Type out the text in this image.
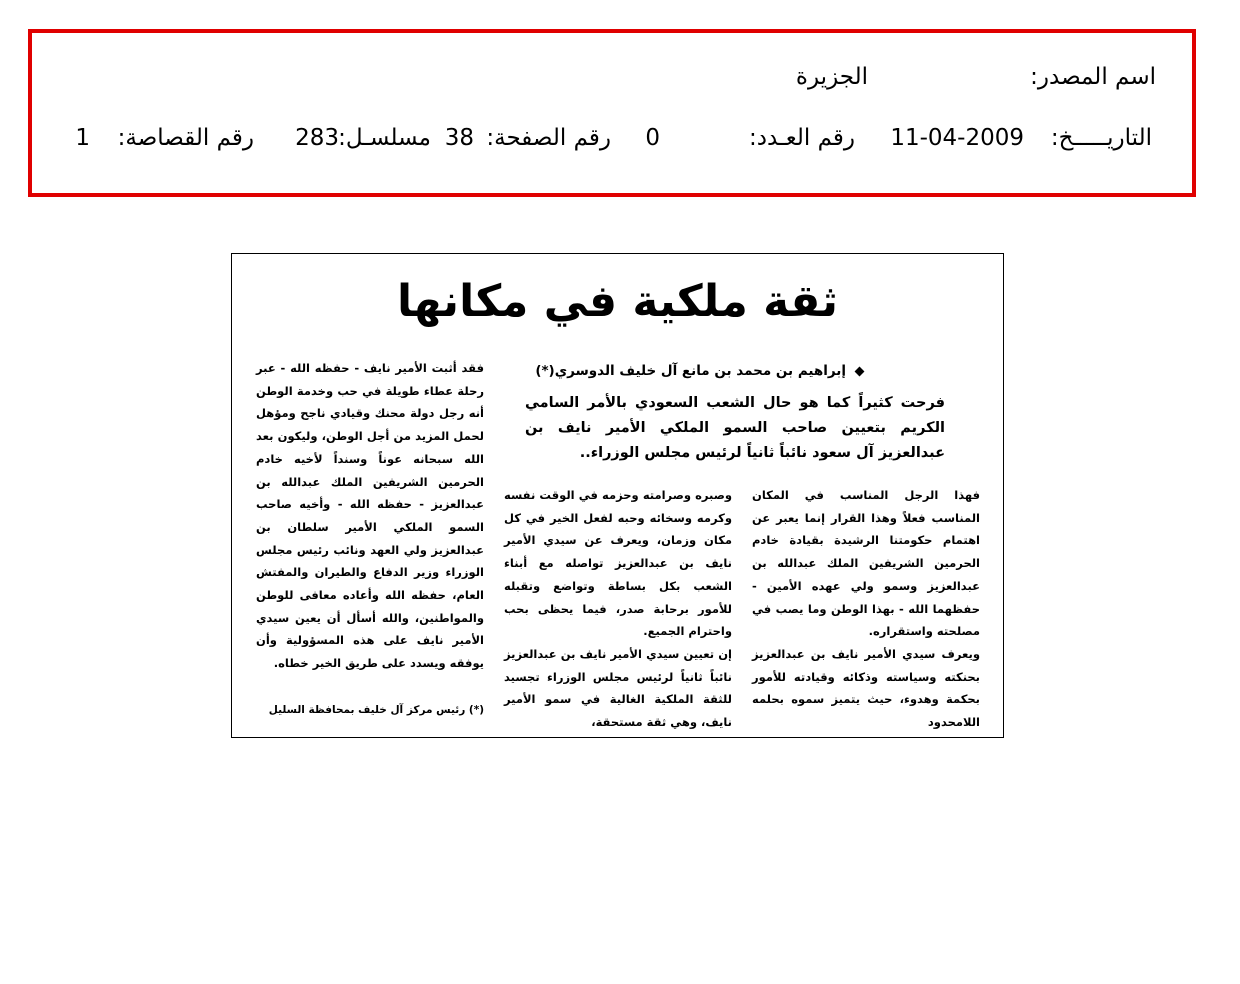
اسم المصدر:
الجزيرة
التاريـــــخ:
11-04-2009
رقم العـدد:
0
رقم الصفحة:
38
مسلسـل:
283
رقم القصاصة:
1
ثقة ملكية في مكانها
إبراهيم بن محمد بن مانع آل خليف الدوسري(*)
فرحت كثيراً كما هو حال الشعب السعودي بالأمر السامي الكريم بتعيين صاحب السمو الملكي الأمير نايف بن عبدالعزيز آل سعود نائباً ثانياً لرئيس مجلس الوزراء..

فهذا الرجل المناسب في المكان المناسب فعلاً وهذا القرار إنما يعبر عن اهتمام حكومتنا الرشيدة بقيادة خادم الحرمين الشريفين الملك عبدالله بن عبدالعزيز وسمو ولي عهده الأمين - حفظهما الله - بهذا الوطن وما يصب في مصلحته واستقراره.

ويعرف سيدي الأمير نايف بن عبدالعزيز بحنكته وسياسته وذكائه وقيادته للأمور بحكمة وهدوء، حيث يتميز سموه بحلمه اللامحدود

وصبره وصرامته وحزمه في الوقت نفسه وكرمه وسخائه وحبه لفعل الخير في كل مكان وزمان، ويعرف عن سيدي الأمير نايف بن عبدالعزيز تواصله مع أبناء الشعب بكل بساطة وتواضع وتقبله للأمور برحابة صدر، فيما يحظى بحب واحترام الجميع.

إن تعيين سيدي الأمير نايف بن عبدالعزيز نائباً ثانياً لرئيس مجلس الوزراء تجسيد للثقة الملكية الغالية في سمو الأمير نايف، وهي ثقة مستحقة،

فقد أثبت الأمير نايف - حفظه الله - عبر رحلة عطاء طويلة في حب وخدمة الوطن أنه رجل دولة محنك وقيادي ناجح ومؤهل لحمل المزيد من أجل الوطن، وليكون بعد الله سبحانه عوناً وسنداً لأخيه خادم الحرمين الشريفين الملك عبدالله بن عبدالعزيز - حفظه الله - وأخيه صاحب السمو الملكي الأمير سلطان بن عبدالعزيز ولي العهد ونائب رئيس مجلس الوزراء وزير الدفاع والطيران والمفتش العام، حفظه الله وأعاده معافى للوطن والمواطنين، والله أسأل أن يعين سيدي الأمير نايف على هذه المسؤولية وأن يوفقه ويسدد على طريق الخير خطاه.

(*) رئيس مركز آل خليف بمحافظة السليل
